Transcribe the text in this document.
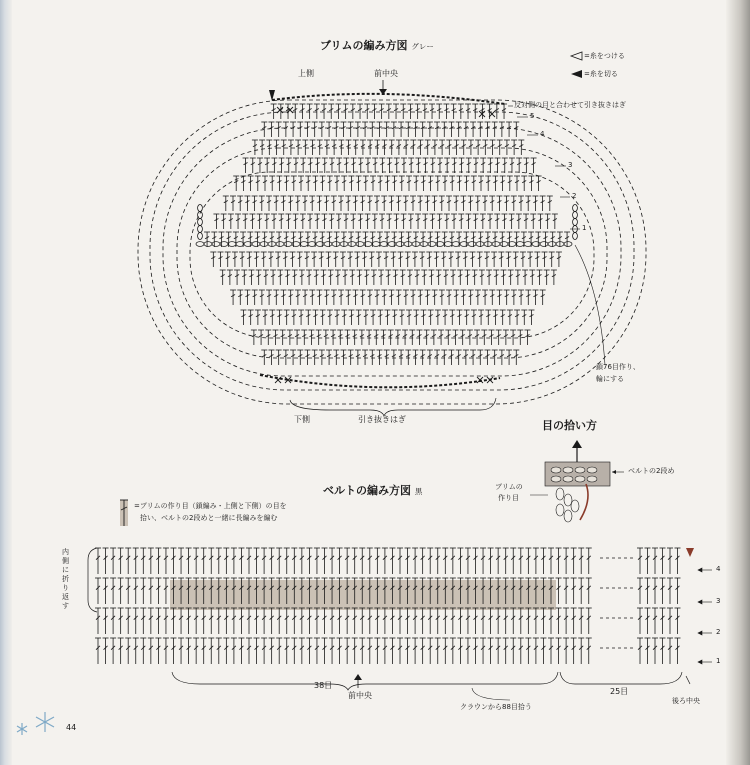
ブリムの編み方図 グレー
上側	前中央
反対側の目と合わせて引き抜きはぎ
下側	引き抜きはぎ
鎖76目作り、
輪にする
5
4
3
2
1
=糸をつける
=糸を切る
目の拾い方
ベルトの2段め
ブリムの
作り目
ベルトの編み方図 黒
=ブリムの作り目（鎖編み・上側と下側）の目を
拾い、ベルトの2段めと一緒に長編みを編む
内側に折り返す
4
3
2
1
38目
前中央
クラウンから88目拾う
25目
後ろ中央
44
